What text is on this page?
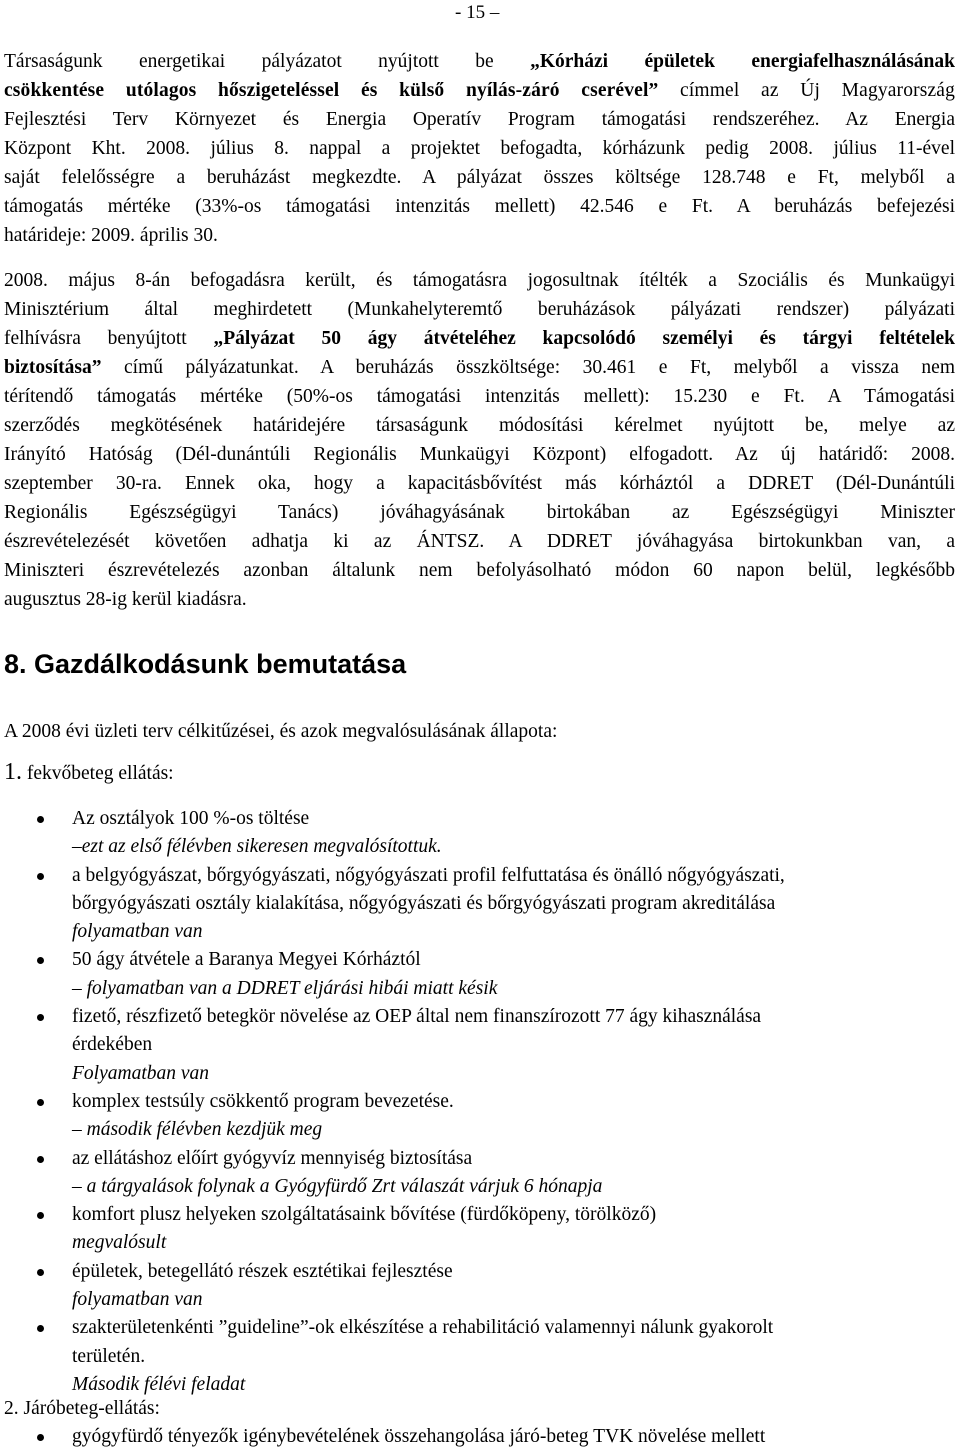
- 15 –
Társaságunk energetikai pályázatot nyújtott be „Kórházi épületek energiafelhasználásának
csökkentése utólagos hőszigeteléssel és külső nyílás-záró cserével” címmel az Új Magyarország
Fejlesztési Terv Környezet és Energia Operatív Program támogatási rendszeréhez. Az Energia
Központ Kht. 2008. július 8. nappal a projektet befogadta, kórházunk pedig 2008. július 11-ével
saját felelősségre a beruházást megkezdte. A pályázat összes költsége 128.748 e Ft, melyből a
támogatás mértéke (33%-os támogatási intenzitás mellett) 42.546 e Ft. A beruházás befejezési
határideje: 2009. április 30.
2008. május 8-án befogadásra került, és támogatásra jogosultnak ítélték a Szociális és Munkaügyi
Minisztérium által meghirdetett (Munkahelyteremtő beruházások pályázati rendszer) pályázati
felhívásra benyújtott „Pályázat 50 ágy átvételéhez kapcsolódó személyi és tárgyi feltételek
biztosítása” című pályázatunkat. A beruházás összköltsége: 30.461 e Ft, melyből a vissza nem
térítendő támogatás mértéke (50%-os támogatási intenzitás mellett): 15.230 e Ft. A Támogatási
szerződés megkötésének határidejére társaságunk módosítási kérelmet nyújtott be, melye az
Irányító Hatóság (Dél-dunántúli Regionális Munkaügyi Központ) elfogadott. Az új határidő: 2008.
szeptember 30-ra. Ennek oka, hogy a kapacitásbővítést más kórháztól a DDRET (Dél-Dunántúli
Regionális Egészségügyi Tanács) jóváhagyásának birtokában az Egészségügyi Miniszter
észrevételezését követően adhatja ki az ÁNTSZ. A DDRET jóváhagyása birtokunkban van, a
Miniszteri észrevételezés azonban általunk nem befolyásolható módon 60 napon belül, legkésőbb
augusztus 28-ig kerül kiadásra.
8. Gazdálkodásunk bemutatása
A 2008 évi üzleti terv célkitűzései, és azok megvalósulásának állapota:
1. fekvőbeteg ellátás:
Az osztályok 100 %-os töltése
–ezt az első félévben sikeresen megvalósítottuk.
a belgyógyászat, bőrgyógyászati, nőgyógyászati profil felfuttatása és önálló nőgyógyászati,
bőrgyógyászati osztály kialakítása, nőgyógyászati és bőrgyógyászati program akreditálása
folyamatban van
50 ágy átvétele a Baranya Megyei Kórháztól
– folyamatban van a DDRET eljárási hibái miatt késik
fizető, részfizető betegkör növelése az OEP által nem finanszírozott 77 ágy kihasználása
érdekében
Folyamatban van
komplex testsúly csökkentő program bevezetése.
– második félévben kezdjük meg
az ellátáshoz előírt gyógyvíz mennyiség biztosítása
– a tárgyalások folynak a Gyógyfürdő Zrt válaszát várjuk 6 hónapja
komfort plusz helyeken szolgáltatásaink bővítése (fürdőköpeny, törölköző)
megvalósult
épületek, betegellátó részek esztétikai fejlesztése
folyamatban van
szakterületenkénti ”guideline”-ok elkészítése a rehabilitáció valamennyi nálunk gyakorolt
területén.
Második félévi feladat
2. Járóbeteg-ellátás:
gyógyfürdő tényezők igénybevételének összehangolása járó-beteg TVK növelése mellett
